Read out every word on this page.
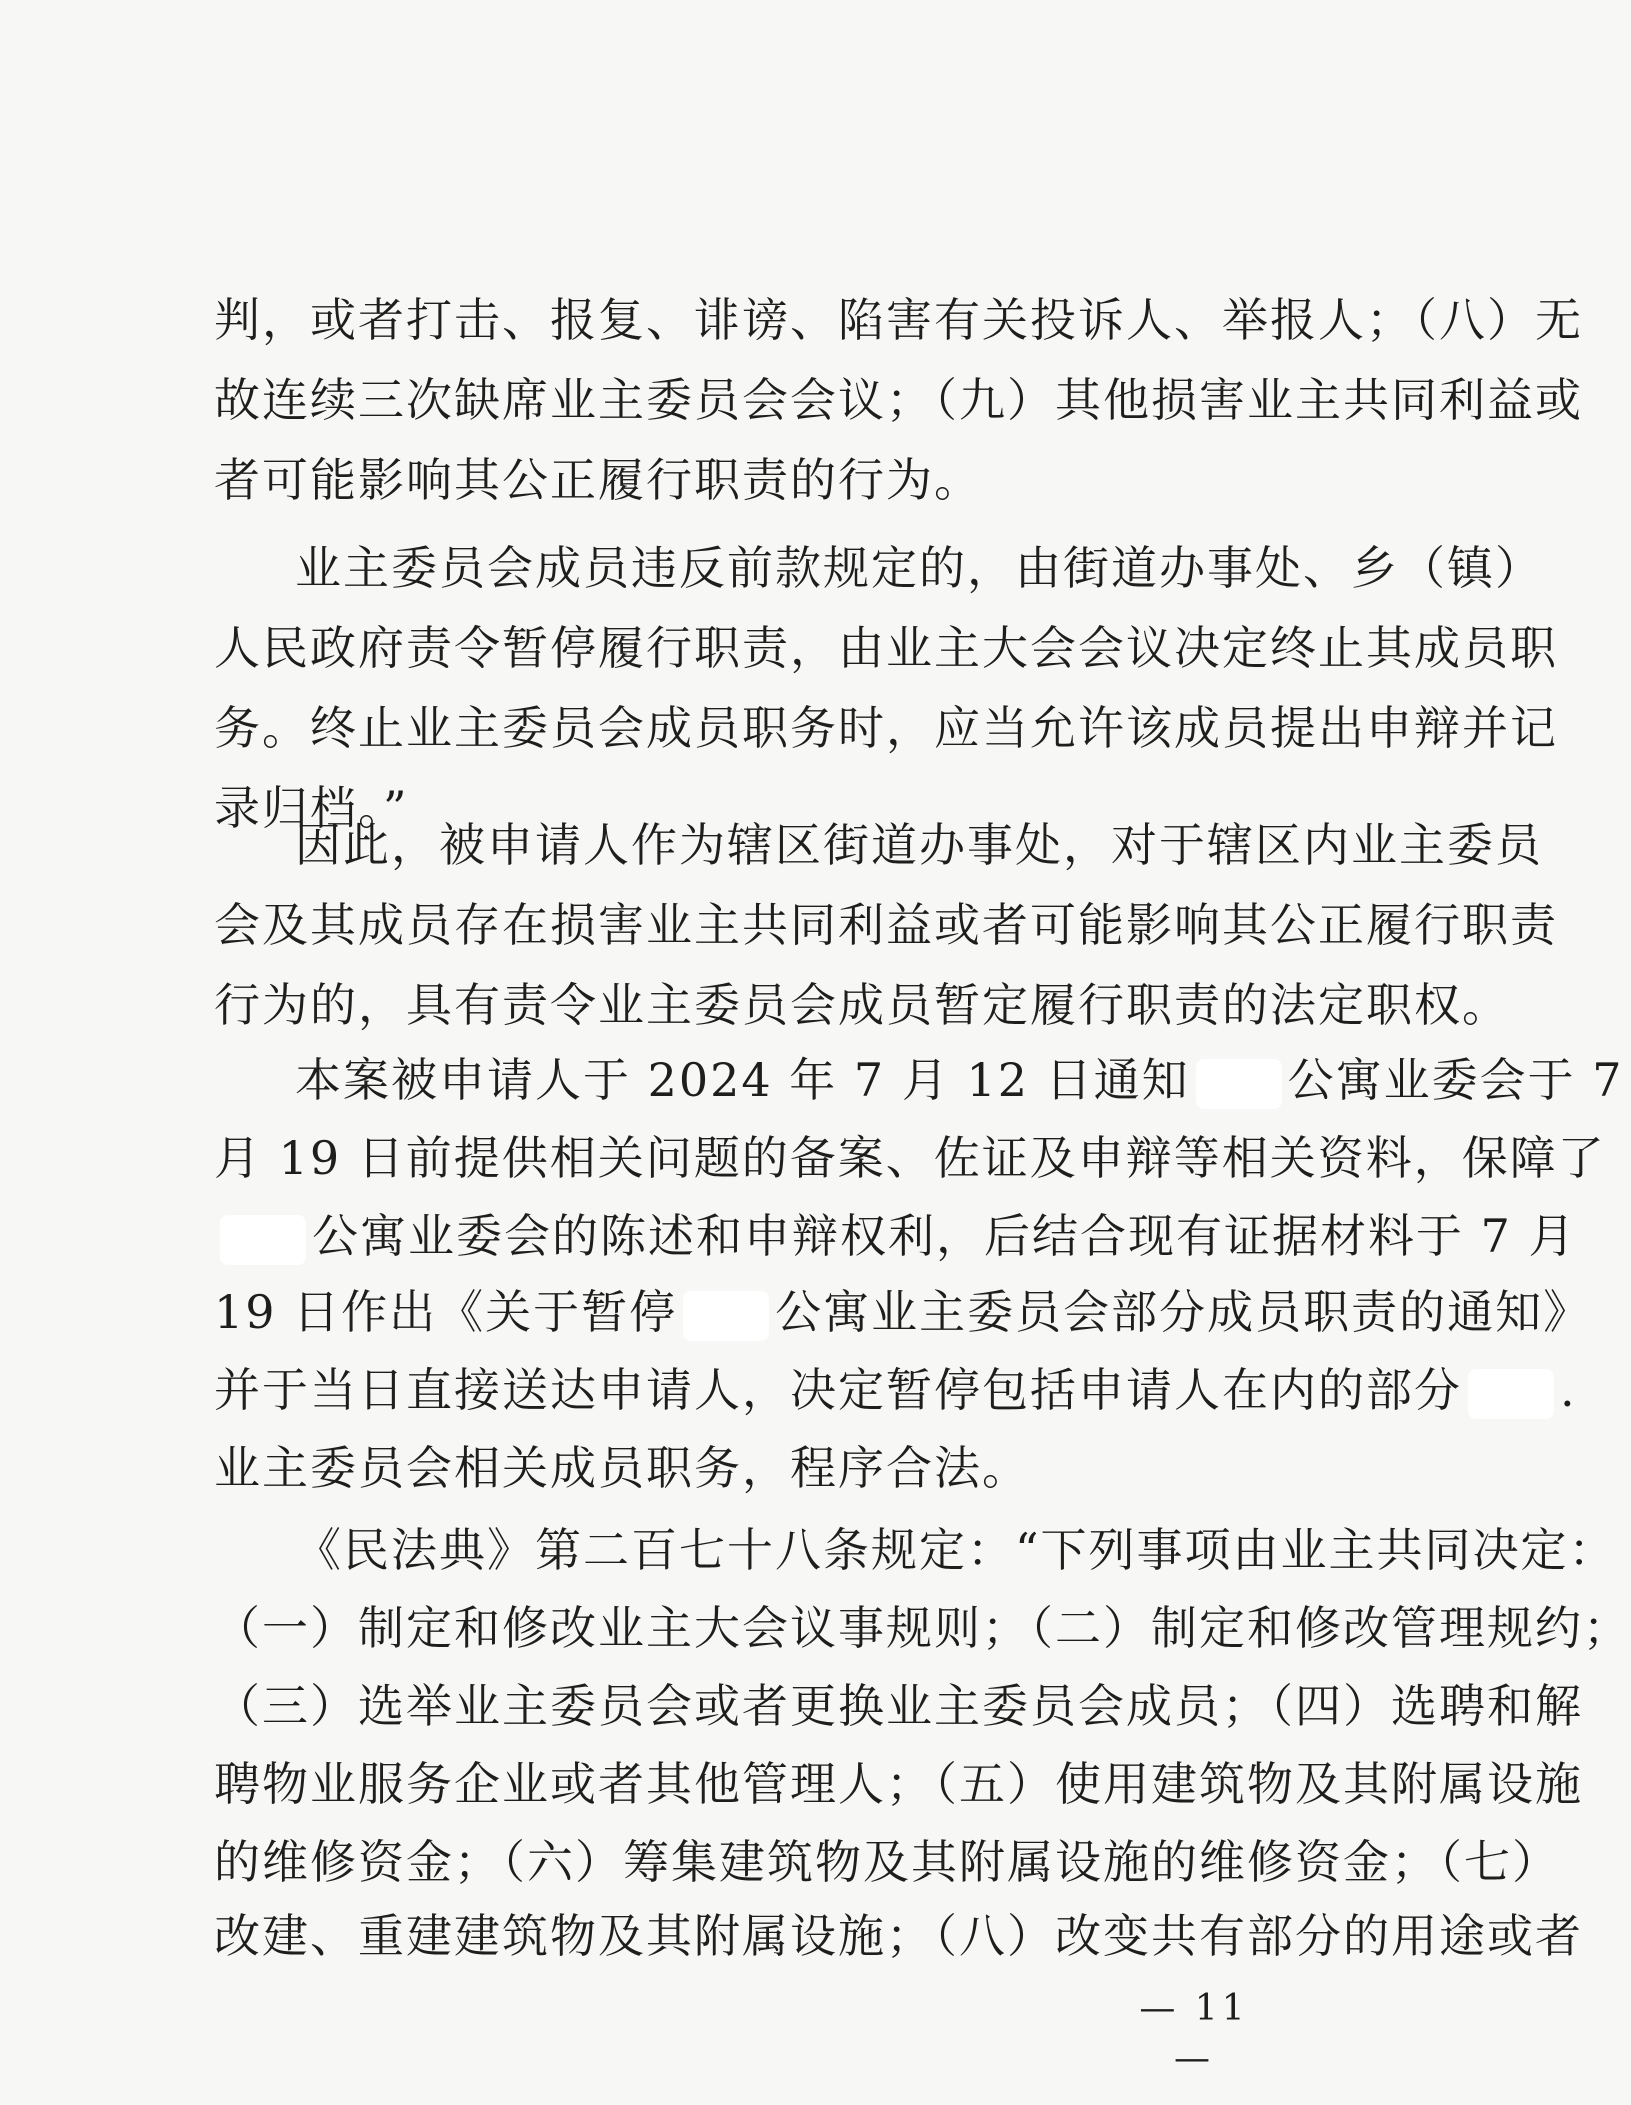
判，或者打击、报复、诽谤、陷害有关投诉人、举报人；（八）无
故连续三次缺席业主委员会会议；（九）其他损害业主共同利益或
者可能影响其公正履行职责的行为。
业主委员会成员违反前款规定的，由街道办事处、乡（镇）
人民政府责令暂停履行职责，由业主大会会议决定终止其成员职
务。终止业主委员会成员职务时，应当允许该成员提出申辩并记
录归档。”
因此，被申请人作为辖区街道办事处，对于辖区内业主委员
会及其成员存在损害业主共同利益或者可能影响其公正履行职责
行为的，具有责令业主委员会成员暂定履行职责的法定职权。
本案被申请人于 2024 年 7 月 12 日通知 公寓业委会于 7
月 19 日前提供相关问题的备案、佐证及申辩等相关资料，保障了
公寓业委会的陈述和申辩权利，后结合现有证据材料于 7 月
19 日作出《关于暂停 公寓业主委员会部分成员职责的通知》
并于当日直接送达申请人，决定暂停包括申请人在内的部分 .
业主委员会相关成员职务，程序合法。
《民法典》第二百七十八条规定：“下列事项由业主共同决定：
（一）制定和修改业主大会议事规则；（二）制定和修改管理规约；
（三）选举业主委员会或者更换业主委员会成员；（四）选聘和解
聘物业服务企业或者其他管理人；（五）使用建筑物及其附属设施
的维修资金；（六）筹集建筑物及其附属设施的维修资金；（七）
改建、重建建筑物及其附属设施；（八）改变共有部分的用途或者
— 11 —
